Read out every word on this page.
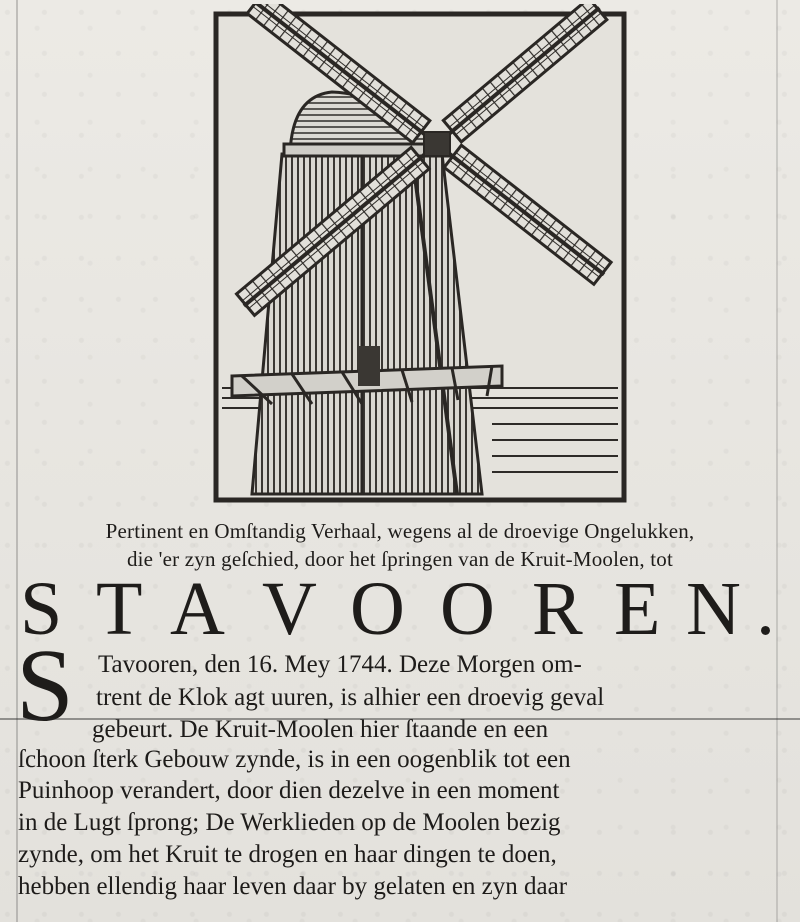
Pertinent en Omſtandig Verhaal, wegens al de droevige Ongelukken,
die 'er zyn geſchied, door het ſpringen van de Kruit-Moolen, tot
S T A V O O R E N .
S Tavooren, den 16. Mey 1744. Deze Morgen om-
trent de Klok agt uuren, is alhier een droevig geval
gebeurt. De Kruit-Moolen hier ſtaande en een
ſchoon ſterk Gebouw zynde, is in een oogenblik tot een
Puinhoop verandert, door dien dezelve in een moment
in de Lugt ſprong; De Werklieden op de Moolen bezig
zynde, om het Kruit te drogen en haar dingen te doen,
hebben ellendig haar leven daar by gelaten en zyn daar
